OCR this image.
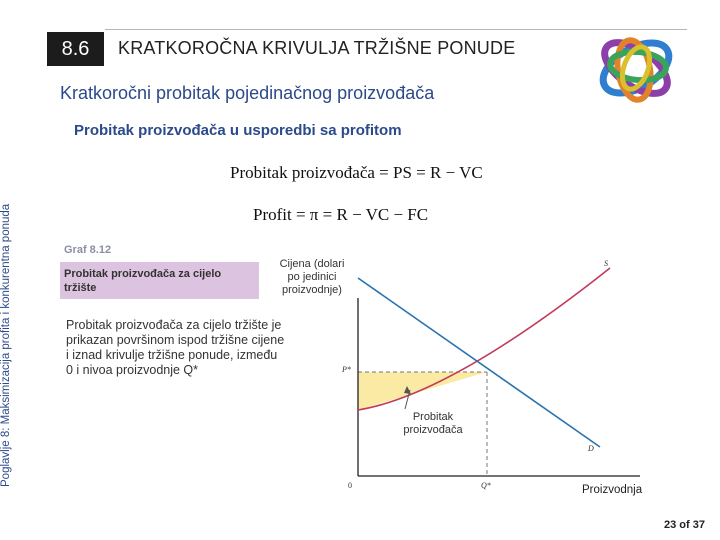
8.6	KRATKOROČNA KRIVULJA TRŽIŠNE PONUDE
Kratkoročni probitak pojedinačnog proizvođača
Poglavlje 8: Maksimizacija profita i konkurentna ponuda
Probitak proizvođača u usporedbi sa profitom
Probitak proizvođača = PS = R − VC
Profit = π = R − VC − FC
Graf 8.12
Probitak proizvođača za cijelo tržište
Probitak proizvođača za cijelo tržište je prikazan površinom ispod tržišne cijene i iznad krivulje tržišne ponude, između 0 i nivoa proizvodnje Q*	P*
Q*
0
S
D
Cijena (dolari po jedinici proizvodnje)
Probitak proizvođača
Proizvodnja
23 of 37
